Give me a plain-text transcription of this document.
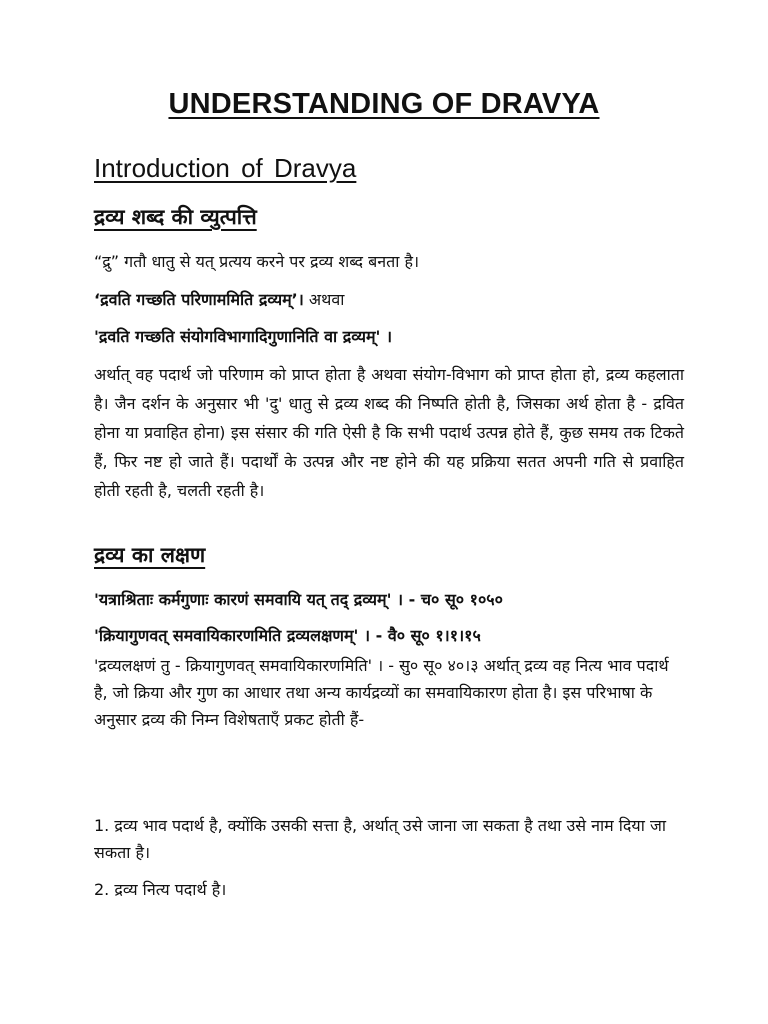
UNDERSTANDING OF DRAVYA
Introduction of Dravya
द्रव्य शब्द की व्युत्पत्ति
“द्रु” गतौ धातु से यत् प्रत्यय करने पर द्रव्य शब्द बनता है।
‘द्रवति गच्छति परिणाममिति द्रव्यम्’। अथवा
'द्रवति गच्छति संयोगविभागादिगुणानिति वा द्रव्यम्' ।

अर्थात् वह पदार्थ जो परिणाम को प्राप्त होता है अथवा संयोग-विभाग को प्राप्त होता हो, द्रव्य कहलाता है। जैन दर्शन के अनुसार भी 'दु' धातु से द्रव्य शब्द की निष्पति होती है, जिसका अर्थ होता है - द्रवित होना या प्रवाहित होना) इस संसार की गति ऐसी है कि सभी पदार्थ उत्पन्न होते हैं, कुछ समय तक टिकते हैं, फिर नष्ट हो जाते हैं। पदार्थों के उत्पन्न और नष्ट होने की यह प्रक्रिया सतत अपनी गति से प्रवाहित होती रहती है, चलती रहती है।

द्रव्य का लक्षण
'यत्राश्रिताः कर्मगुणाः कारणं समवायि यत् तद् द्रव्यम्' । - च० सू० १०५०
'क्रियागुणवत् समवायिकारणमिति द्रव्यलक्षणम्' । - वै० सू० १।१।१५

'द्रव्यलक्षणं तु - क्रियागुणवत् समवायिकारणमिति' । - सु० सू० ४०।३ अर्थात् द्रव्य वह नित्य भाव पदार्थ है, जो क्रिया और गुण का आधार तथा अन्य कार्यद्रव्यों का समवायिकारण होता है। इस परिभाषा के अनुसार द्रव्य की निम्न विशेषताएँ प्रकट होती हैं-

1. द्रव्य भाव पदार्थ है, क्योंकि उसकी सत्ता है, अर्थात् उसे जाना जा सकता है तथा उसे नाम दिया जा सकता है।

2. द्रव्य नित्य पदार्थ है।
